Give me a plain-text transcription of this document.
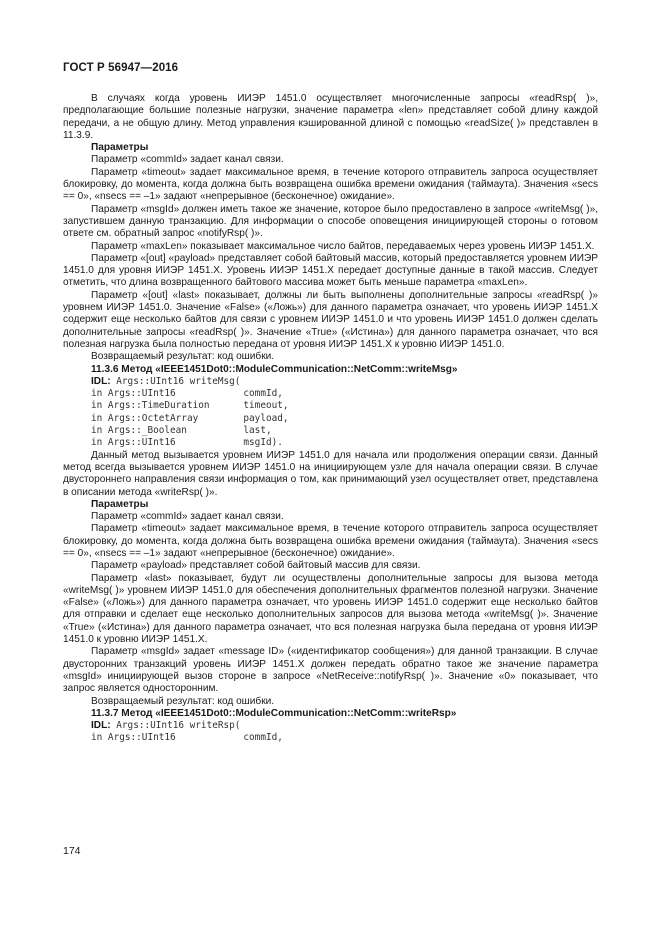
ГОСТ Р 56947—2016

В случаях когда уровень ИИЭР 1451.0 осуществляет многочисленные запросы «readRsp( )», предполагающие большие полезные нагрузки, значение параметра «len» представляет собой длину каждой передачи, а не общую длину. Метод управления кэшированной длиной с помощью «readSize( )» представлен в 11.3.9.

Параметры

Параметр «commId» задает канал связи.

Параметр «timeout» задает максимальное время, в течение которого отправитель запроса осуществляет блокировку, до момента, когда должна быть возвращена ошибка времени ожидания (таймаута). Значения «secs == 0», «nsecs == –1» задают «непрерывное (бесконечное) ожидание».

Параметр «msgId» должен иметь такое же значение, которое было предоставлено в запросе «writeMsg( )», запустившем данную транзакцию. Для информации о способе оповещения инициирующей стороны о готовом ответе см. обратный запрос «notifyRsp( )».

Параметр «maxLen» показывает максимальное число байтов, передаваемых через уровень ИИЭР 1451.X.

Параметр «[out] «payload» представляет собой байтовый массив, который предоставляется уровнем ИИЭР 1451.0 для уровня ИИЭР 1451.X. Уровень ИИЭР 1451.X передает доступные данные в такой массив. Следует отметить, что длина возвращенного байтового массива может быть меньше параметра «maxLen».

Параметр «[out] «last» показывает, должны ли быть выполнены дополнительные запросы «readRsp( )» уровнем ИИЭР 1451.0. Значение «False» («Ложь») для данного параметра означает, что уровень ИИЭР 1451.X содержит еще несколько байтов для связи с уровнем ИИЭР 1451.0 и что уровень ИИЭР 1451.0 должен сделать дополнительные запросы «readRsp( )». Значение «True» («Истина») для данного параметра означает, что вся полезная нагрузка была полностью передана от уровня ИИЭР 1451.X к уровню ИИЭР 1451.0.

Возвращаемый результат: код ошибки.

11.3.6 Метод «IEEE1451Dot0::ModuleCommunication::NetComm::writeMsg»
IDL: Args::UInt16 writeMsg(
in Args::UInt16            commId,
in Args::TimeDuration      timeout,
in Args::OctetArray        payload,
in Args::_Boolean          last,
in Args::UInt16            msgId).

Данный метод вызывается уровнем ИИЭР 1451.0 для начала или продолжения операции связи. Данный метод всегда вызывается уровнем ИИЭР 1451.0 на инициирующем узле для начала операции связи. В случае двустороннего направления связи информация о том, как принимающий узел осуществляет ответ, представлена в описании метода «writeRsp( )».

Параметры

Параметр «commId» задает канал связи.

Параметр «timeout» задает максимальное время, в течение которого отправитель запроса осуществляет блокировку, до момента, когда должна быть возвращена ошибка времени ожидания (таймаута). Значения «secs == 0», «nsecs == –1» задают «непрерывное (бесконечное) ожидание».

Параметр «payload» представляет собой байтовый массив для связи.

Параметр «last» показывает, будут ли осуществлены дополнительные запросы для вызова метода «writeMsg( )» уровнем ИИЭР 1451.0 для обеспечения дополнительных фрагментов полезной нагрузки. Значение «False» («Ложь») для данного параметра означает, что уровень ИИЭР 1451.0 содержит еще несколько байтов для отправки и сделает еще несколько дополнительных запросов для вызова метода «writeMsg( )». Значение «True» («Истина») для данного параметра означает, что вся полезная нагрузка была передана от уровня ИИЭР 1451.0 к уровню ИИЭР 1451.X.

Параметр «msgId» задает «message ID» («идентификатор сообщения») для данной транзакции. В случае двусторонних транзакций уровень ИИЭР 1451.X должен передать обратно такое же значение параметра «msgId» инициирующей вызов стороне в запросе «NetReceive::notifyRsp( )». Значение «0» показывает, что запрос является односторонним.

Возвращаемый результат: код ошибки.

11.3.7 Метод «IEEE1451Dot0::ModuleCommunication::NetComm::writeRsp»
IDL: Args::UInt16 writeRsp(
in Args::UInt16            commId,
174
